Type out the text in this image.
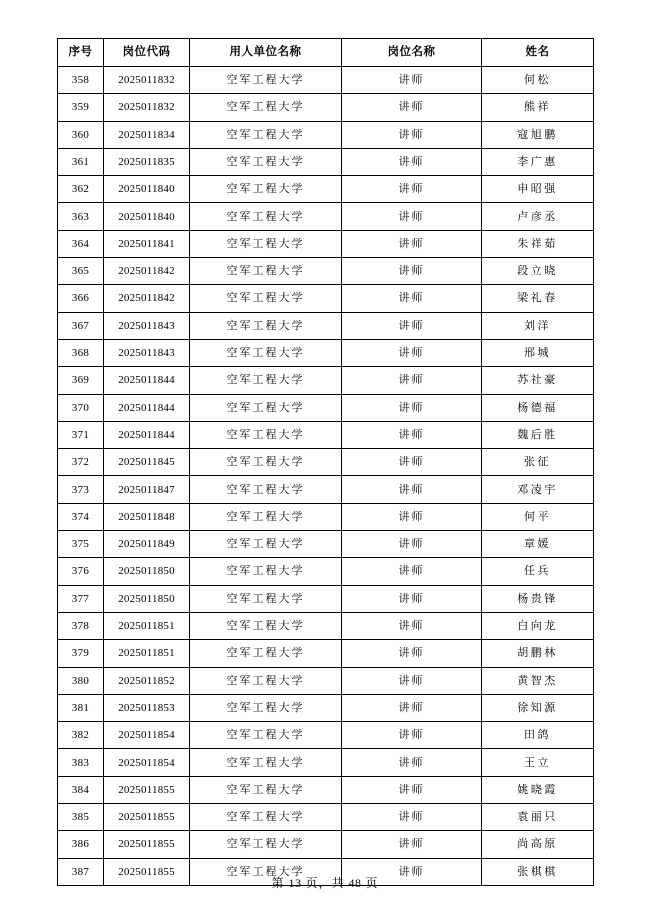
序号	岗位代码	用人单位名称	岗位名称	姓名
358	2025011832	空军工程大学	讲师	何松
359	2025011832	空军工程大学	讲师	熊祥
360	2025011834	空军工程大学	讲师	寇旭鹏
361	2025011835	空军工程大学	讲师	李广惠
362	2025011840	空军工程大学	讲师	申昭强
363	2025011840	空军工程大学	讲师	卢彦丞
364	2025011841	空军工程大学	讲师	朱祥茹
365	2025011842	空军工程大学	讲师	段立晓
366	2025011842	空军工程大学	讲师	梁礼春
367	2025011843	空军工程大学	讲师	刘洋
368	2025011843	空军工程大学	讲师	邢城
369	2025011844	空军工程大学	讲师	苏社豪
370	2025011844	空军工程大学	讲师	杨德福
371	2025011844	空军工程大学	讲师	魏后胜
372	2025011845	空军工程大学	讲师	张征
373	2025011847	空军工程大学	讲师	邓凌宇
374	2025011848	空军工程大学	讲师	何平
375	2025011849	空军工程大学	讲师	章媛
376	2025011850	空军工程大学	讲师	任兵
377	2025011850	空军工程大学	讲师	杨贵锋
378	2025011851	空军工程大学	讲师	白向龙
379	2025011851	空军工程大学	讲师	胡鹏林
380	2025011852	空军工程大学	讲师	黄智杰
381	2025011853	空军工程大学	讲师	徐知源
382	2025011854	空军工程大学	讲师	田鸽
383	2025011854	空军工程大学	讲师	王立
384	2025011855	空军工程大学	讲师	姚晓霞
385	2025011855	空军工程大学	讲师	袁丽只
386	2025011855	空军工程大学	讲师	尚高原
387	2025011855	空军工程大学	讲师	张棋棋
第 13 页，共 48 页
